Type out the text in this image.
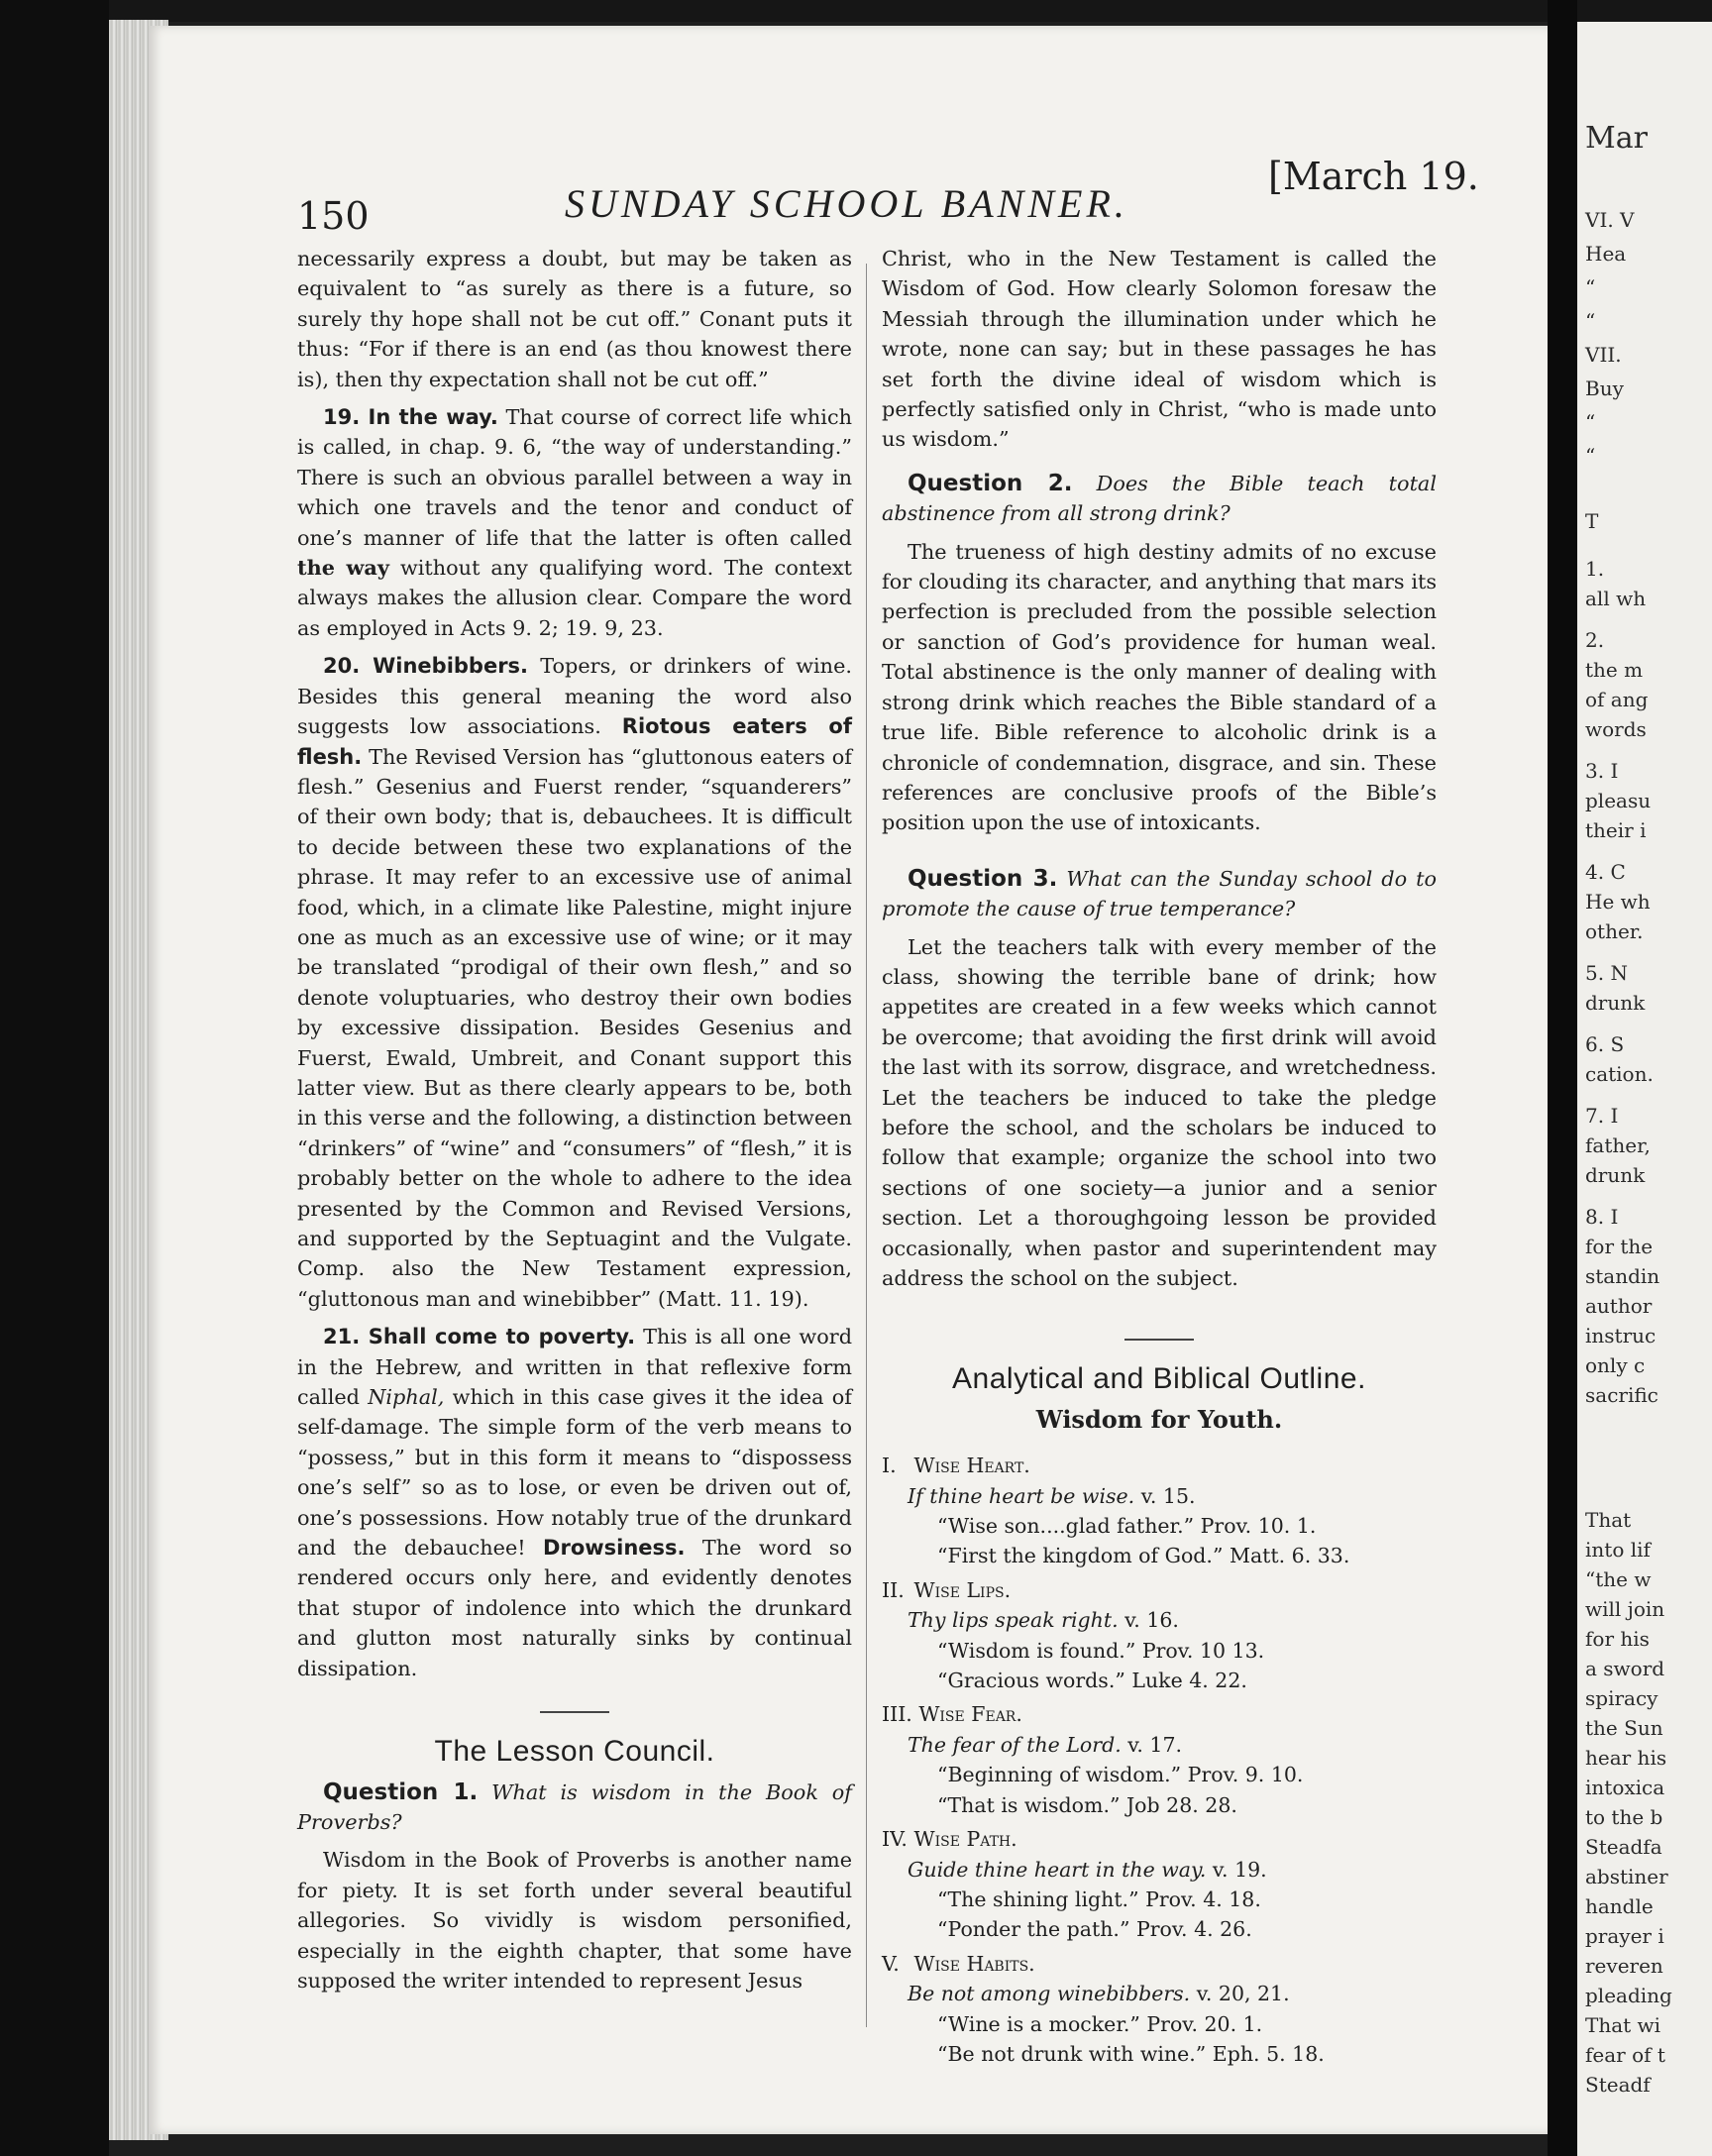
150	SUNDAY SCHOOL BANNER.
[March 19.

necessarily express a doubt, but may be taken as equivalent to “as surely as there is a future, so surely thy hope shall not be cut off.” Conant puts it thus: “For if there is an end (as thou knowest there is), then thy expectation shall not be cut off.”

19. In the way. That course of correct life which is called, in chap. 9. 6, “the way of understanding.” There is such an obvious parallel between a way in which one travels and the tenor and conduct of one’s manner of life that the latter is often called the way without any qualifying word. The context always makes the allusion clear. Compare the word as employed in Acts 9. 2; 19. 9, 23.

20. Winebibbers. Topers, or drinkers of wine. Besides this general meaning the word also suggests low associations. Riotous eaters of flesh. The Revised Version has “gluttonous eaters of flesh.” Gesenius and Fuerst render, “squanderers” of their own body; that is, debauchees. It is difficult to decide between these two explanations of the phrase. It may refer to an excessive use of animal food, which, in a climate like Palestine, might injure one as much as an excessive use of wine; or it may be translated “prodigal of their own flesh,” and so denote voluptuaries, who destroy their own bodies by excessive dissipation. Besides Gesenius and Fuerst, Ewald, Umbreit, and Conant support this latter view. But as there clearly appears to be, both in this verse and the following, a distinction between “drinkers” of “wine” and “consumers” of “flesh,” it is probably better on the whole to adhere to the idea presented by the Common and Revised Versions, and supported by the Septuagint and the Vulgate. Comp. also the New Testament expression, “gluttonous man and winebibber” (Matt. 11. 19).

21. Shall come to poverty. This is all one word in the Hebrew, and written in that reflexive form called Niphal, which in this case gives it the idea of self-damage. The simple form of the verb means to “possess,” but in this form it means to “dispossess one’s self” so as to lose, or even be driven out of, one’s possessions. How notably true of the drunkard and the debauchee! Drowsiness. The word so rendered occurs only here, and evidently denotes that stupor of indolence into which the drunkard and glutton most naturally sinks by continual dissipation.

The Lesson Council.

Question 1. What is wisdom in the Book of Proverbs?

Wisdom in the Book of Proverbs is another name for piety. It is set forth under several beautiful allegories. So vividly is wisdom personified, especially in the eighth chapter, that some have supposed the writer intended to represent Jesus

Christ, who in the New Testament is called the Wisdom of God. How clearly Solomon foresaw the Messiah through the illumination under which he wrote, none can say; but in these passages he has set forth the divine ideal of wisdom which is perfectly satisfied only in Christ, “who is made unto us wisdom.”

Question 2. Does the Bible teach total abstinence from all strong drink?

The trueness of high destiny admits of no excuse for clouding its character, and anything that mars its perfection is precluded from the possible selection or sanction of God’s providence for human weal. Total abstinence is the only manner of dealing with strong drink which reaches the Bible standard of a true life. Bible reference to alcoholic drink is a chronicle of condemnation, disgrace, and sin. These references are conclusive proofs of the Bible’s position upon the use of intoxicants.

Question 3. What can the Sunday school do to promote the cause of true temperance?

Let the teachers talk with every member of the class, showing the terrible bane of drink; how appetites are created in a few weeks which cannot be overcome; that avoiding the first drink will avoid the last with its sorrow, disgrace, and wretchedness. Let the teachers be induced to take the pledge before the school, and the scholars be induced to follow that example; organize the school into two sections of one society—a junior and a senior section. Let a thoroughgoing lesson be provided occasionally, when pastor and superintendent may address the school on the subject.

Analytical and Biblical Outline.
Wisdom for Youth.
I. Wise Heart.
If thine heart be wise. v. 15.
“Wise son....glad father.” Prov. 10. 1.
“First the kingdom of God.” Matt. 6. 33.
II. Wise Lips.
Thy lips speak right. v. 16.
“Wisdom is found.” Prov. 10 13.
“Gracious words.” Luke 4. 22.
III. Wise Fear.
The fear of the Lord. v. 17.
“Beginning of wisdom.” Prov. 9. 10.
“That is wisdom.” Job 28. 28.
IV. Wise Path.
Guide thine heart in the way. v. 19.
“The shining light.” Prov. 4. 18.
“Ponder the path.” Prov. 4. 26.
V. Wise Habits.
Be not among winebibbers. v. 20, 21.
“Wine is a mocker.” Prov. 20. 1.
“Be not drunk with wine.” Eph. 5. 18.
Mar
VI. V
Hea
“
“
VII.
Buy
“
“
T
1.
all wh
2.
the m
of ang
words
3. I
pleasu
their i
4. C
He wh
other.
5. N
drunk
6. S
cation.
7. I
father,
drunk
8. I
for the
standin
author
instruc
only c
sacrific
That
into lif
“the w
will join
for his
a sword
spiracy
the Sun
hear his
intoxica
to the b
Steadfa
abstiner
handle
prayer i
reveren
pleading
That wi
fear of t
Steadf
